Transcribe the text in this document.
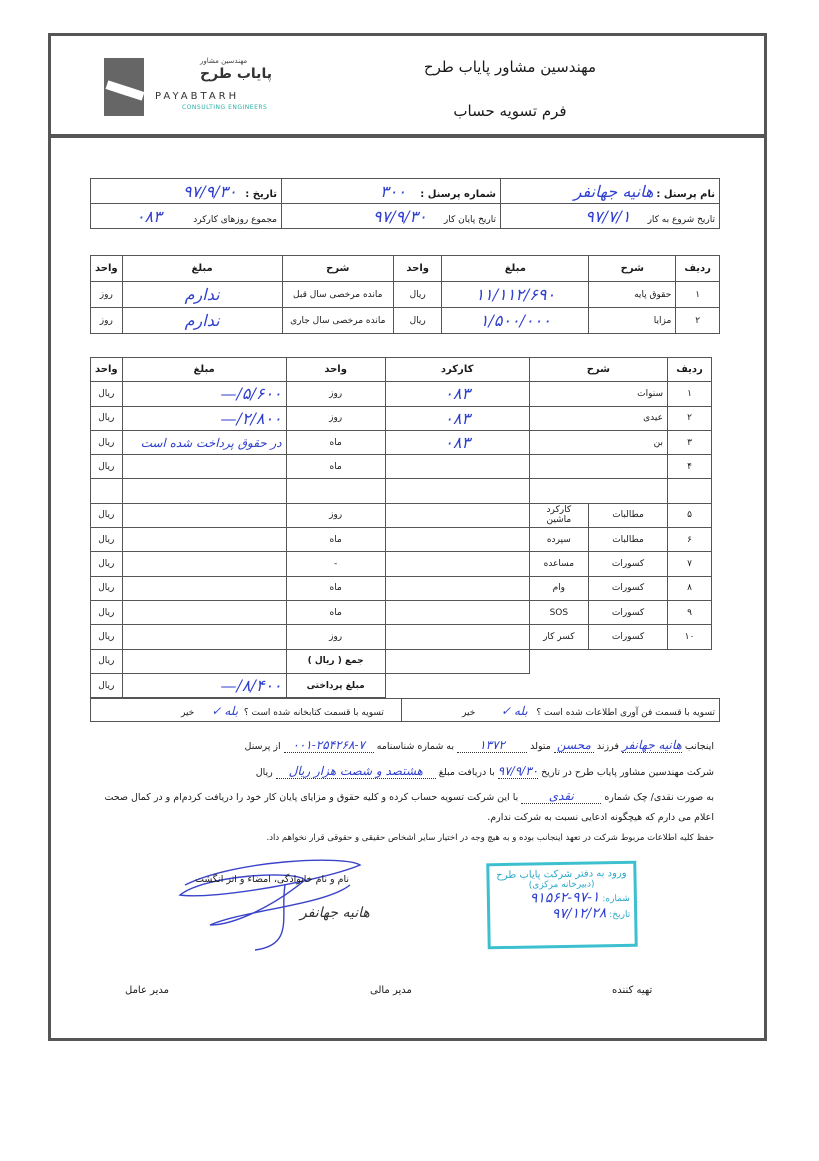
مهندسین مشاور
پایاب طرح
PAYABTARH
CONSULTING ENGINEERS
مهندسین مشاور پایاب طرح
فرم تسویه حساب
نام پرسنل : هانیه جهانفر	شماره پرسنل :     ۳۰۰	تاریخ :   ۹۷/۹/۳۰
تاریخ شروع به کار      ۹۷/۷/۱	تاریخ پایان کار      ۹۷/۹/۳۰	مجموع روزهای کارکرد           ۰۸۳
ردیف	شرح	مبلغ	واحد	شرح	مبلغ	واحد
۱	حقوق پایه	۱۱/۱۱۲/۶۹۰	ریال	مانده مرخصی سال قبل	ندارم	روز
۲	مزایا	۱/۵۰۰/۰۰۰	ریال	مانده مرخصی سال جاری	ندارم	روز
ردیف	شرح		کارکرد	واحد	مبلغ	واحد
۱	سنوات		۰۸۳	روز	۵/۶۰۰/—	ریال
۲	عیدی		۰۸۳	روز	۲/۸۰۰/—	ریال
۳	بن		۰۸۳	ماه	در حقوق پرداخت شده است	ریال
۴				ماه		ریال

۵	مطالبات	کارکرد ماشین		روز		ریال
۶	مطالبات	سپرده		ماه		ریال
۷	کسورات	مساعده		-		ریال
۸	کسورات	وام		ماه		ریال
۹	کسورات	SOS		ماه		ریال
۱۰	کسورات	کسر کار		روز		ریال
				جمع ( ریال )		ریال
				مبلغ پرداختی	۸/۴۰۰/—	ریال
تسویه با قسمت فن آوری اطلاعات شده است ؟   بله ✓         خیر
تسویه با قسمت کتابخانه شده است ؟  بله ✓      خیر
اینجانب هانیه جهانفر فرزند محسن متولد ۱۳۷۲ به شماره شناسنامه ۰۰۱-۲۵۴۲۶۸-۷ از پرسنل
شرکت مهندسین مشاور پایاب طرح در تاریخ ۹۷/۹/۳۰ با دریافت مبلغ هشتصد و شصت هزار ریال ریال
به صورت نقدی/ چک شماره نقدی با این شرکت تسویه حساب کرده و کلیه حقوق و مزایای پایان کار خود را دریافت کردم‌ام و در کمال صحت
اعلام می دارم که هیچگونه ادعایی نسبت به شرکت ندارم.
حفظ کلیه اطلاعات مربوط شرکت در تعهد اینجانب بوده و به هیچ وجه در اختیار سایر اشخاص حقیقی و حقوقی قرار نخواهم داد.
نام و نام خانوادگی، امضاء و اثر انگشت
هانیه جهانفر
ورود به دفتر شرکت پایاب طرح
(دبیرخانه مرکزی)
شماره: ۱-۹۷-۹۱۵۶۲
تاریخ: ۹۷/۱۲/۲۸
تهیه کننده
مدیر مالی
مدیر عامل
